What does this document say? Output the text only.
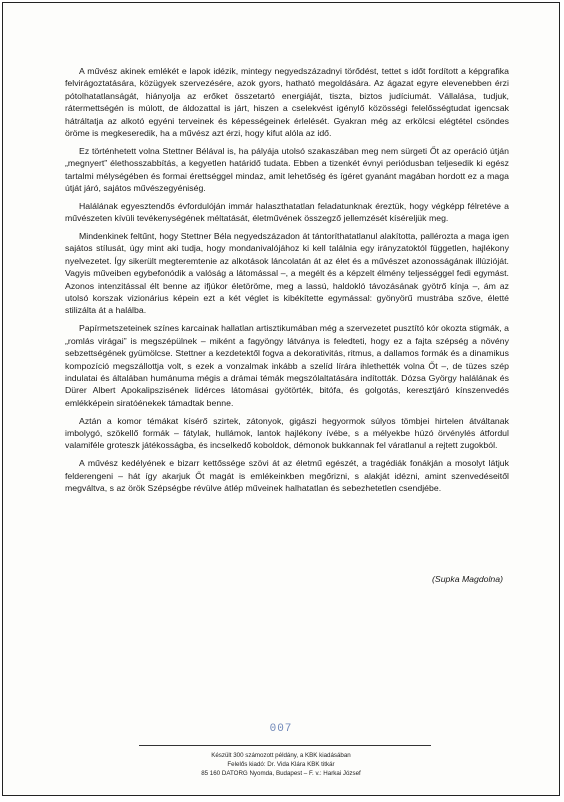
A művész akinek emlékét e lapok idézik, mintegy negyedszázadnyi törődést, tettet s időt fordított a képgrafika felvirágoztatására, közügyek szervezésére, azok gyors, hatható megoldására. Az ágazat egyre elevenebben érzi pótolhatatlanságát, hiányolja az erőket összetartó energiáját, tiszta, biztos judíciumát. Vállalása, tudjuk, rátermettségén is múlott, de áldozattal is járt, hiszen a cselekvést igénylő közösségi felelősségtudat igencsak hátráltatja az alkotó egyéni terveinek és képességeinek érlelését. Gyakran még az erkölcsi elégtétel csöndes öröme is megkeseredik, ha a művész azt érzi, hogy kifut alóla az idő.

Ez történhetett volna Stettner Bélával is, ha pályája utolsó szakaszában meg nem sürgeti Őt az operáció útján „megnyert” élethosszabbítás, a kegyetlen határidő tudata. Ebben a tizenkét évnyi periódusban teljesedik ki egész tartalmi mélységében és formai érettséggel mindaz, amit lehetőség és ígéret gyanánt magában hordott ez a maga útját járó, sajátos művészegyéniség.

Halálának egyesztendős évfordulóján immár halaszthatatlan feladatunknak éreztük, hogy végképp félretéve a művészeten kívüli tevékenységének méltatását, életművének összegző jellemzését kíséreljük meg.

Mindenkinek feltűnt, hogy Stettner Béla negyedszázadon át tántoríthatatlanul alakította, pallérozta a maga igen sajátos stílusát, úgy mint aki tudja, hogy mondanivalójához ki kell találnia egy irányzatoktól független, hajlékony nyelvezetet. Így sikerült megteremtenie az alkotások láncolatán át az élet és a művészet azonosságának illúzióját. Vagyis műveiben egybefonódik a valóság a látomással –, a megélt és a képzelt élmény teljességgel fedi egymást. Azonos intenzitással élt benne az ifjúkor életöröme, meg a lassú, haldokló távozásának gyötrő kínja –, ám az utolsó korszak vizionárius képein ezt a két véglet is kibékítette egymással: gyönyörű mustrába szőve, életté stilizálta át a halálba.

Papírmetszeteinek színes karcainak hallatlan artisztikumában még a szervezetet pusztító kór okozta stigmák, a „romlás virágai” is megszépülnek – miként a fagyöngy látványa is feledteti, hogy ez a fajta szépség a növény sebzettségének gyümölcse. Stettner a kezdetektől fogva a dekorativitás, ritmus, a dallamos formák és a dinamikus kompozíció megszállottja volt, s ezek a vonzalmak inkább a szelíd lírára ihlethették volna Őt –, de tüzes szép indulatai és általában humánuma mégis a drámai témák megszólaltatására indították. Dózsa György halálának és Dürer Albert Apokalipszisének lidérces látomásai gyötörték, bitófa, és golgotás, keresztjáró kínszenvedés emlékképein siratóénekek támadtak benne.

Aztán a komor témákat kísérő szirtek, zátonyok, gigászi hegyormok súlyos tömbjei hirtelen átváltanak imbolygó, szökellő formák – fátylak, hullámok, lantok hajlékony ívébe, s a mélyekbe húzó örvénylés átfordul valamiféle groteszk játékosságba, és incselkedő koboldok, démonok bukkannak fel váratlanul a rejtett zugokból.

A művész kedélyének e bizarr kettőssége szövi át az életmű egészét, a tragédiák fonákján a mosolyt látjuk felderengeni – hát így akarjuk Őt magát is emlékeinkben megőrizni, s alakját idézni, amint szenvedéseitől megváltva, s az örök Szépségbe révülve átlép műveinek halhatatlan és sebezhetetlen csendjébe.

(Supka Magdolna)
007
Készült 300 számozott példány, a KBK kiadásában
Felelős kiadó: Dr. Vida Klára KBK titkár
85 160 DATORG Nyomda, Budapest – F. v.: Harkai József
